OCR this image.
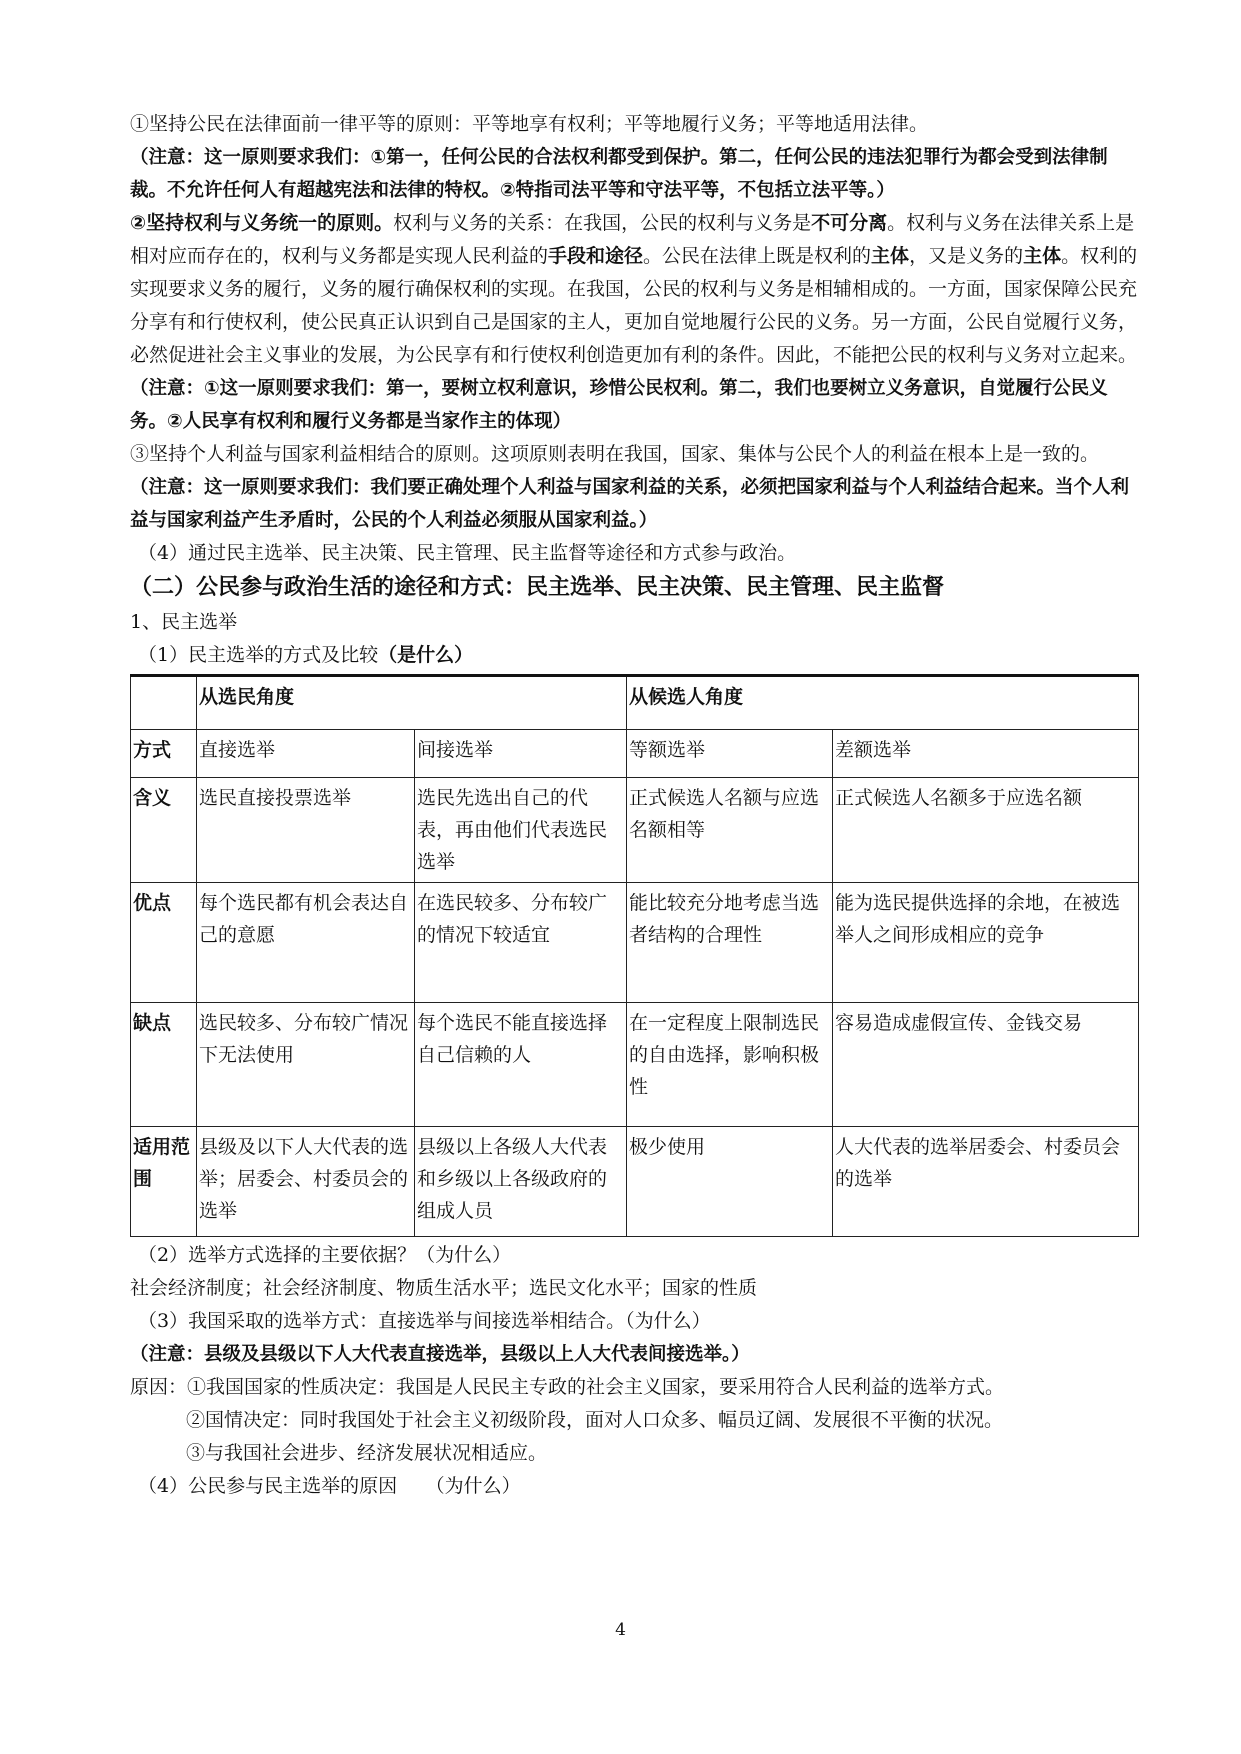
①坚持公民在法律面前一律平等的原则：平等地享有权利；平等地履行义务；平等地适用法律。

（注意：这一原则要求我们：①第一，任何公民的合法权利都受到保护。第二，任何公民的违法犯罪行为都会受到法律制裁。不允许任何人有超越宪法和法律的特权。②特指司法平等和守法平等，不包括立法平等。）

②坚持权利与义务统一的原则。权利与义务的关系：在我国，公民的权利与义务是不可分离。权利与义务在法律关系上是相对应而存在的，权利与义务都是实现人民利益的手段和途径。公民在法律上既是权利的主体，又是义务的主体。权利的实现要求义务的履行，义务的履行确保权利的实现。在我国，公民的权利与义务是相辅相成的。一方面，国家保障公民充分享有和行使权利，使公民真正认识到自己是国家的主人，更加自觉地履行公民的义务。另一方面，公民自觉履行义务，必然促进社会主义事业的发展，为公民享有和行使权利创造更加有利的条件。因此，不能把公民的权利与义务对立起来。

（注意：①这一原则要求我们：第一，要树立权利意识，珍惜公民权利。第二，我们也要树立义务意识，自觉履行公民义务。②人民享有权利和履行义务都是当家作主的体现）

③坚持个人利益与国家利益相结合的原则。这项原则表明在我国，国家、集体与公民个人的利益在根本上是一致的。

（注意：这一原则要求我们：我们要正确处理个人利益与国家利益的关系，必须把国家利益与个人利益结合起来。当个人利益与国家利益产生矛盾时，公民的个人利益必须服从国家利益。）

（4）通过民主选举、民主决策、民主管理、民主监督等途径和方式参与政治。

（二）公民参与政治生活的途径和方式：民主选举、民主决策、民主管理、民主监督

1、民主选举

（1）民主选举的方式及比较（是什么）

	从选民角度		从候选人角度	
方式	直接选举	间接选举	等额选举	差额选举
含义	选民直接投票选举	选民先选出自己的代表，再由他们代表选民选举	正式候选人名额与应选名额相等	正式候选人名额多于应选名额
优点	每个选民都有机会表达自己的意愿	在选民较多、分布较广的情况下较适宜	能比较充分地考虑当选者结构的合理性	能为选民提供选择的余地，在被选举人之间形成相应的竞争
缺点	选民较多、分布较广情况下无法使用	每个选民不能直接选择自己信赖的人	在一定程度上限制选民的自由选择，影响积极性	容易造成虚假宣传、金钱交易
适用范围	县级及以下人大代表的选举；居委会、村委员会的选举	县级以上各级人大代表和乡级以上各级政府的组成人员	极少使用	人大代表的选举居委会、村委员会的选举

（2）选举方式选择的主要依据？（为什么）

社会经济制度；社会经济制度、物质生活水平；选民文化水平；国家的性质

（3）我国采取的选举方式：直接选举与间接选举相结合。（为什么）

（注意：县级及县级以下人大代表直接选举，县级以上人大代表间接选举。）

原因：①我国国家的性质决定：我国是人民民主专政的社会主义国家，要采用符合人民利益的选举方式。

②国情决定：同时我国处于社会主义初级阶段，面对人口众多、幅员辽阔、发展很不平衡的状况。

③与我国社会进步、经济发展状况相适应。

（4）公民参与民主选举的原因　　（为什么）

4
